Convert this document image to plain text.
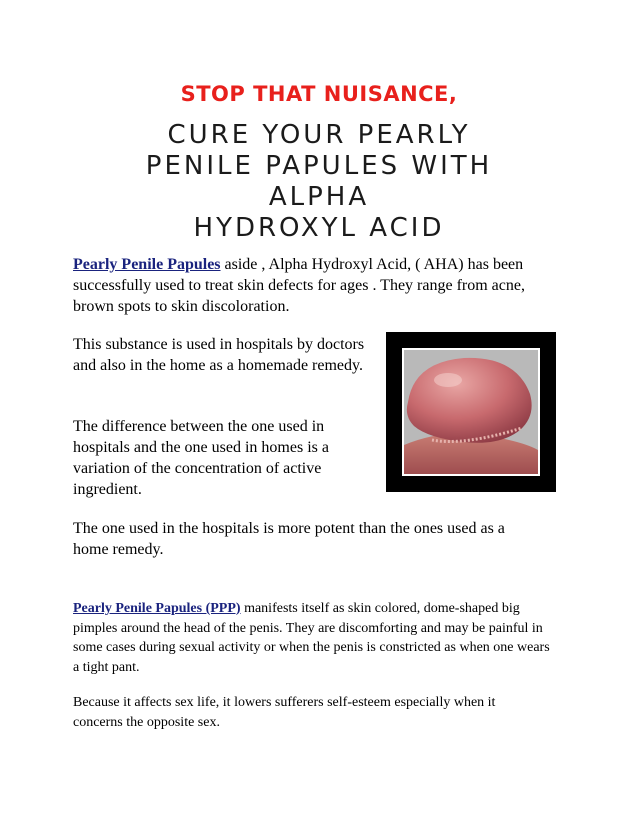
STOP THAT NUISANCE,
CURE YOUR PEARLY
PENILE PAPULES WITH
ALPHA
HYDROXYL ACID

Pearly Penile Papules aside , Alpha Hydroxyl Acid, ( AHA) has been successfully used to treat skin defects for ages . They range from acne, brown spots to skin discoloration.

This substance is used in hospitals by doctors and also in the home as a homemade remedy.

The difference between the one used in hospitals and the one used in homes is a variation of the concentration of active ingredient.

The one used in the hospitals is more potent than the ones used as a home remedy.

Pearly Penile Papules (PPP) manifests itself as skin colored, dome-shaped big pimples around the head of the penis. They are discomforting and may be painful in some cases during sexual activity or when the penis is constricted as when one wears a tight pant.

Because it affects sex life, it lowers sufferers self-esteem especially when it concerns the opposite sex.
